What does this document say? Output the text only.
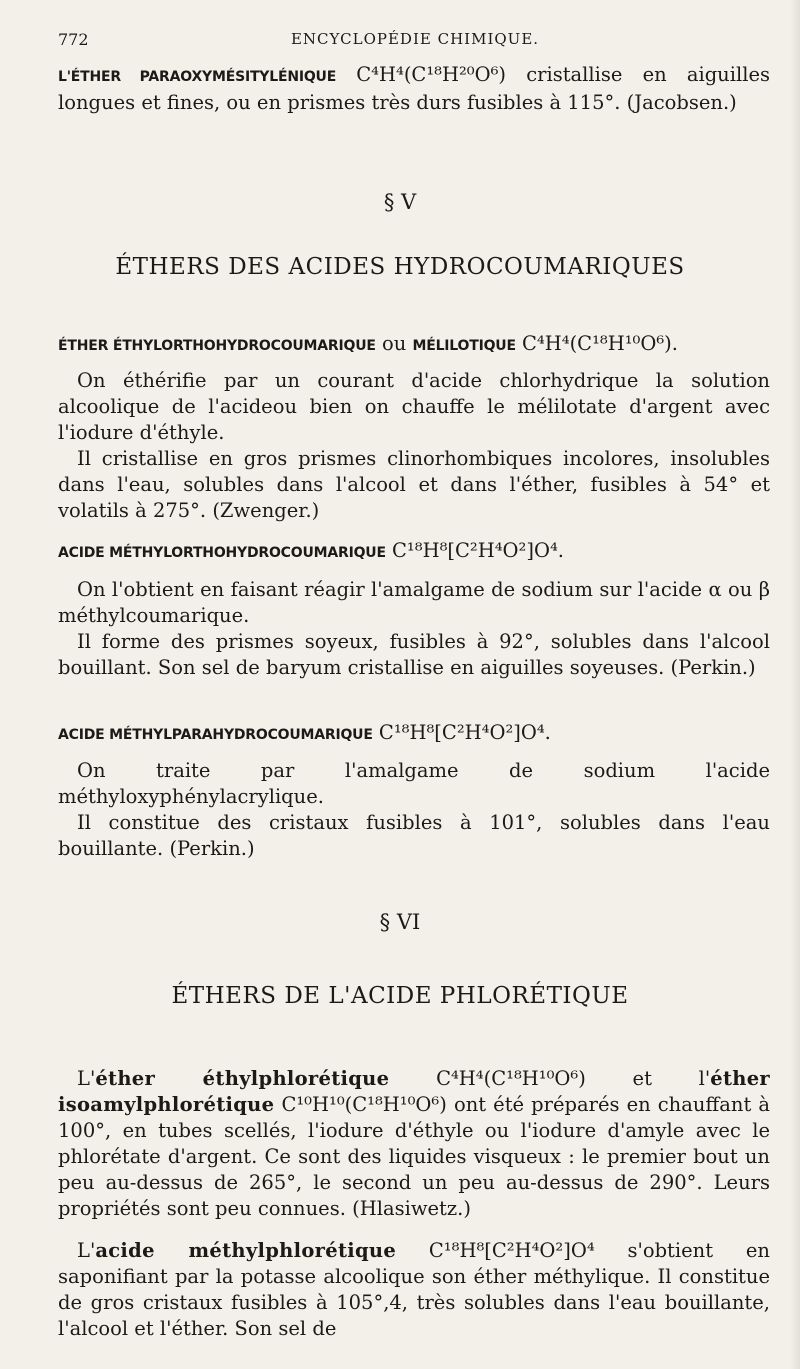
772	ENCYCLOPÉDIE CHIMIQUE.

L'ÉTHER PARAOXYMÉSITYLÉNIQUE C⁴H⁴(C¹⁸H²⁰O⁶) cristallise en aiguilles longues et fines, ou en prismes très durs fusibles à 115°. (Jacobsen.)

§ V
ÉTHERS DES ACIDES HYDROCOUMARIQUES

ÉTHER ÉTHYLORTHOHYDROCOUMARIQUE ou MÉLILOTIQUE C⁴H⁴(C¹⁸H¹⁰O⁶).

On éthérifie par un courant d'acide chlorhydrique la solution alcoolique de l'acideou bien on chauffe le mélilotate d'argent avec l'iodure d'éthyle.

Il cristallise en gros prismes clinorhombiques incolores, insolubles dans l'eau, solubles dans l'alcool et dans l'éther, fusibles à 54° et volatils à 275°. (Zwenger.)

ACIDE MÉTHYLORTHOHYDROCOUMARIQUE C¹⁸H⁸[C²H⁴O²]O⁴.

On l'obtient en faisant réagir l'amalgame de sodium sur l'acide α ou β méthylcoumarique.

Il forme des prismes soyeux, fusibles à 92°, solubles dans l'alcool bouillant. Son sel de baryum cristallise en aiguilles soyeuses. (Perkin.)

ACIDE MÉTHYLPARAHYDROCOUMARIQUE C¹⁸H⁸[C²H⁴O²]O⁴.

On traite par l'amalgame de sodium l'acide méthyloxyphénylacrylique.

Il constitue des cristaux fusibles à 101°, solubles dans l'eau bouillante. (Perkin.)

§ VI
ÉTHERS DE L'ACIDE PHLORÉTIQUE

L'éther éthylphlorétique C⁴H⁴(C¹⁸H¹⁰O⁶) et l'éther isoamylphlorétique C¹⁰H¹⁰(C¹⁸H¹⁰O⁶) ont été préparés en chauffant à 100°, en tubes scellés, l'iodure d'éthyle ou l'iodure d'amyle avec le phlorétate d'argent. Ce sont des liquides visqueux : le premier bout un peu au-dessus de 265°, le second un peu au-dessus de 290°. Leurs propriétés sont peu connues. (Hlasiwetz.)

L'acide méthylphlorétique C¹⁸H⁸[C²H⁴O²]O⁴ s'obtient en saponifiant par la potasse alcoolique son éther méthylique. Il constitue de gros cristaux fusibles à 105°,4, très solubles dans l'eau bouillante, l'alcool et l'éther. Son sel de
